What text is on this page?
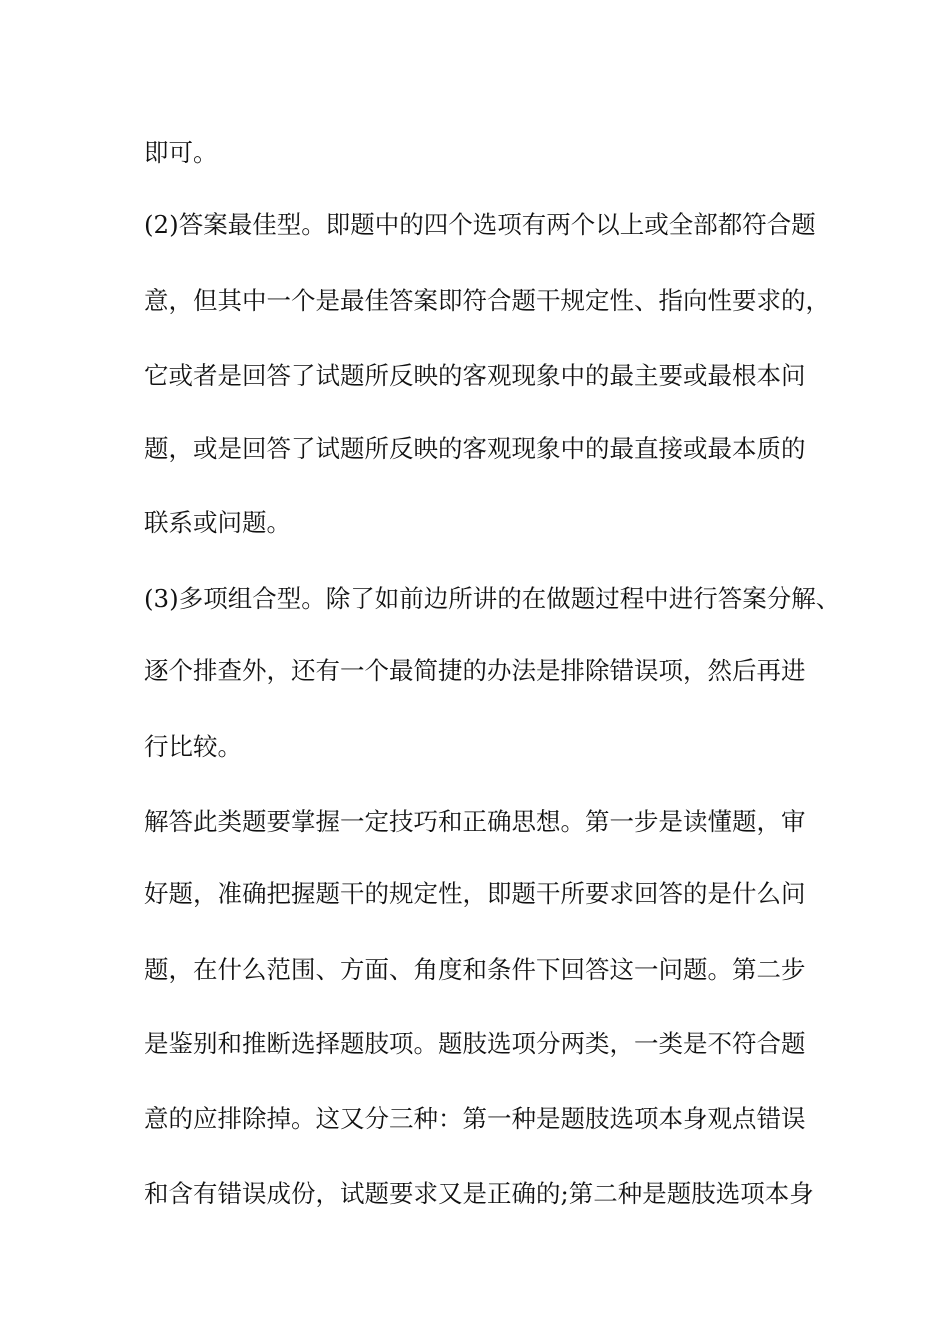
即可。
(2)答案最佳型。即题中的四个选项有两个以上或全部都符合题
意，但其中一个是最佳答案即符合题干规定性、指向性要求的，
它或者是回答了试题所反映的客观现象中的最主要或最根本问
题，或是回答了试题所反映的客观现象中的最直接或最本质的
联系或问题。
(3)多项组合型。除了如前边所讲的在做题过程中进行答案分解、
逐个排查外，还有一个最简捷的办法是排除错误项，然后再进
行比较。
解答此类题要掌握一定技巧和正确思想。第一步是读懂题，审
好题，准确把握题干的规定性，即题干所要求回答的是什么问
题，在什么范围、方面、角度和条件下回答这一问题。第二步
是鉴别和推断选择题肢项。题肢选项分两类，一类是不符合题
意的应排除掉。这又分三种：第一种是题肢选项本身观点错误
和含有错误成份，试题要求又是正确的;第二种是题肢选项本身
